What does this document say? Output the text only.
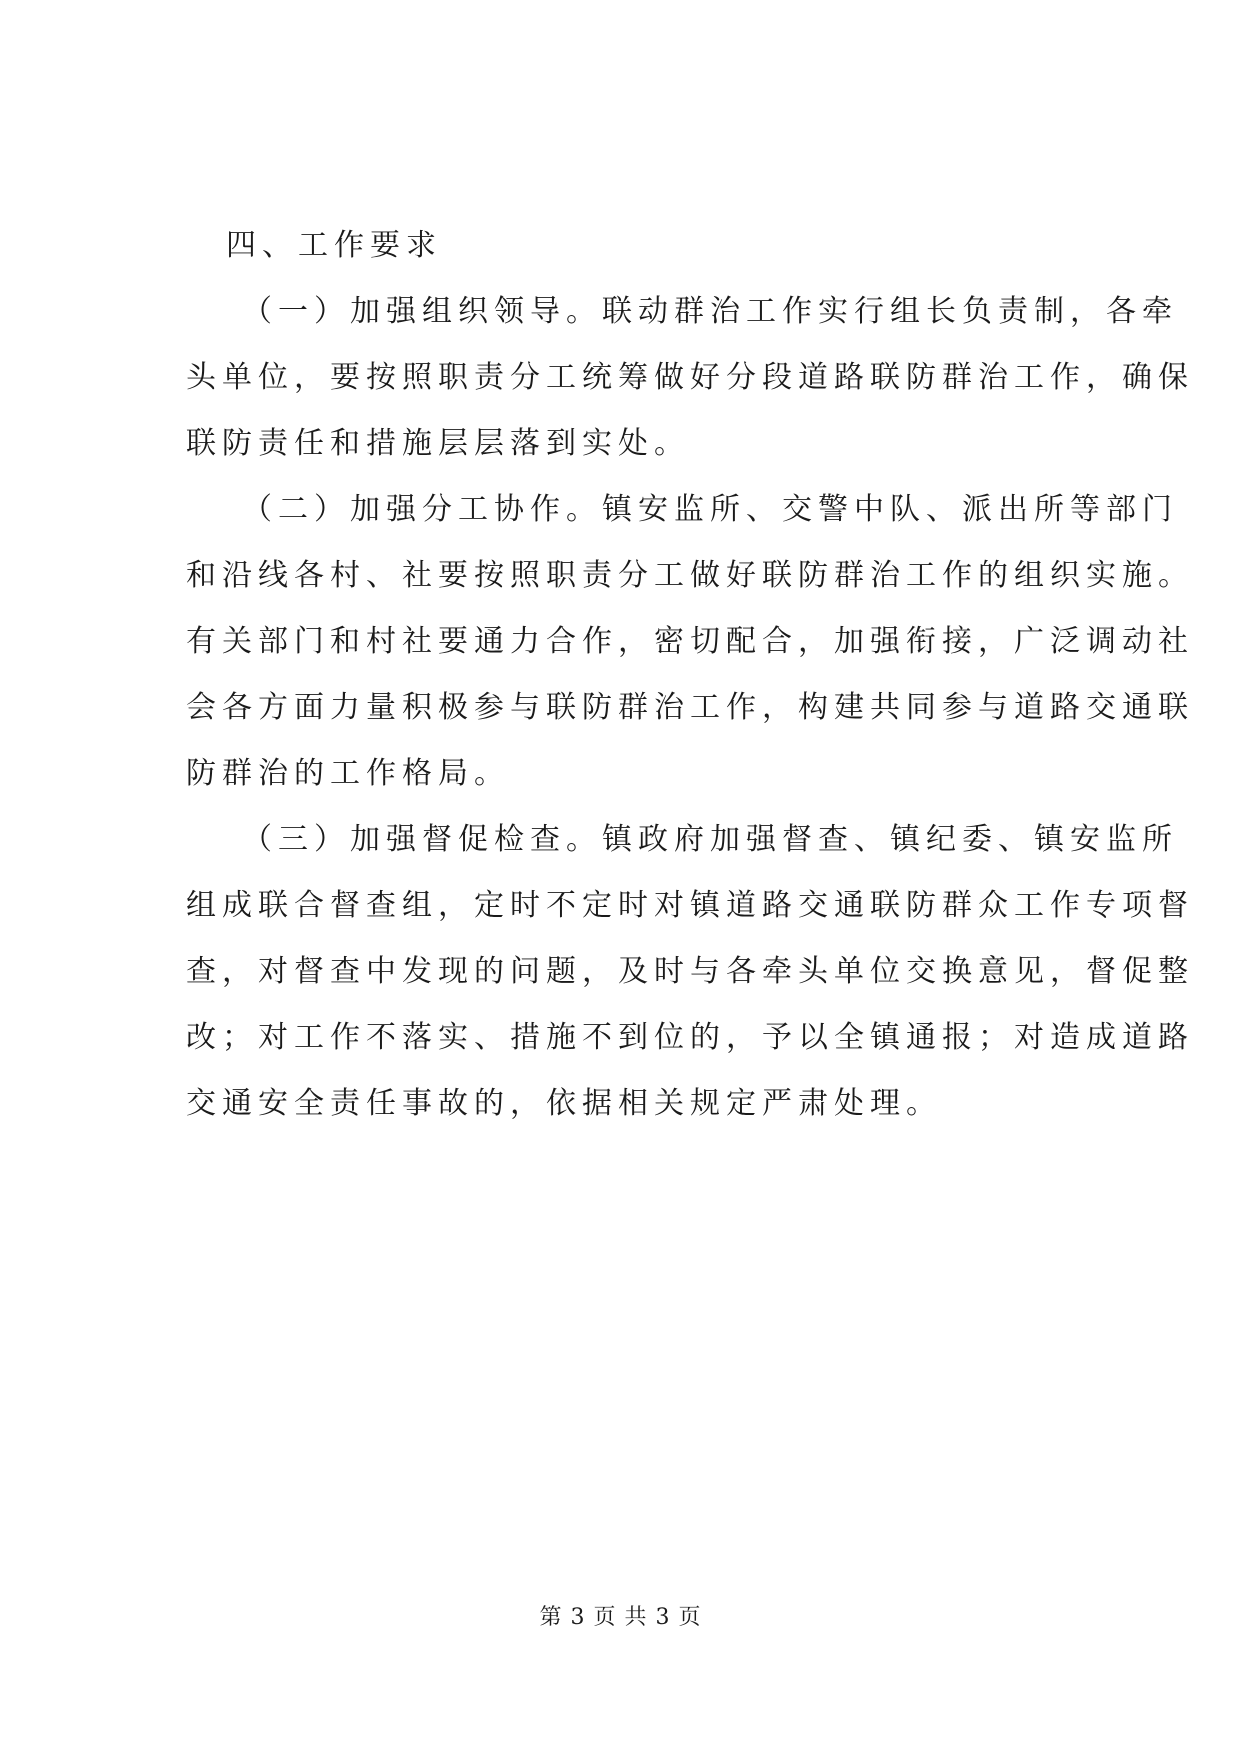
四、工作要求
（一）加强组织领导。联动群治工作实行组长负责制，各牵
头单位，要按照职责分工统筹做好分段道路联防群治工作，确保
联防责任和措施层层落到实处。
（二）加强分工协作。镇安监所、交警中队、派出所等部门
和沿线各村、社要按照职责分工做好联防群治工作的组织实施。
有关部门和村社要通力合作，密切配合，加强衔接，广泛调动社
会各方面力量积极参与联防群治工作，构建共同参与道路交通联
防群治的工作格局。
（三）加强督促检查。镇政府加强督查、镇纪委、镇安监所
组成联合督查组，定时不定时对镇道路交通联防群众工作专项督
查，对督查中发现的问题，及时与各牵头单位交换意见，督促整
改；对工作不落实、措施不到位的，予以全镇通报；对造成道路
交通安全责任事故的，依据相关规定严肃处理。
第 3 页 共 3 页
